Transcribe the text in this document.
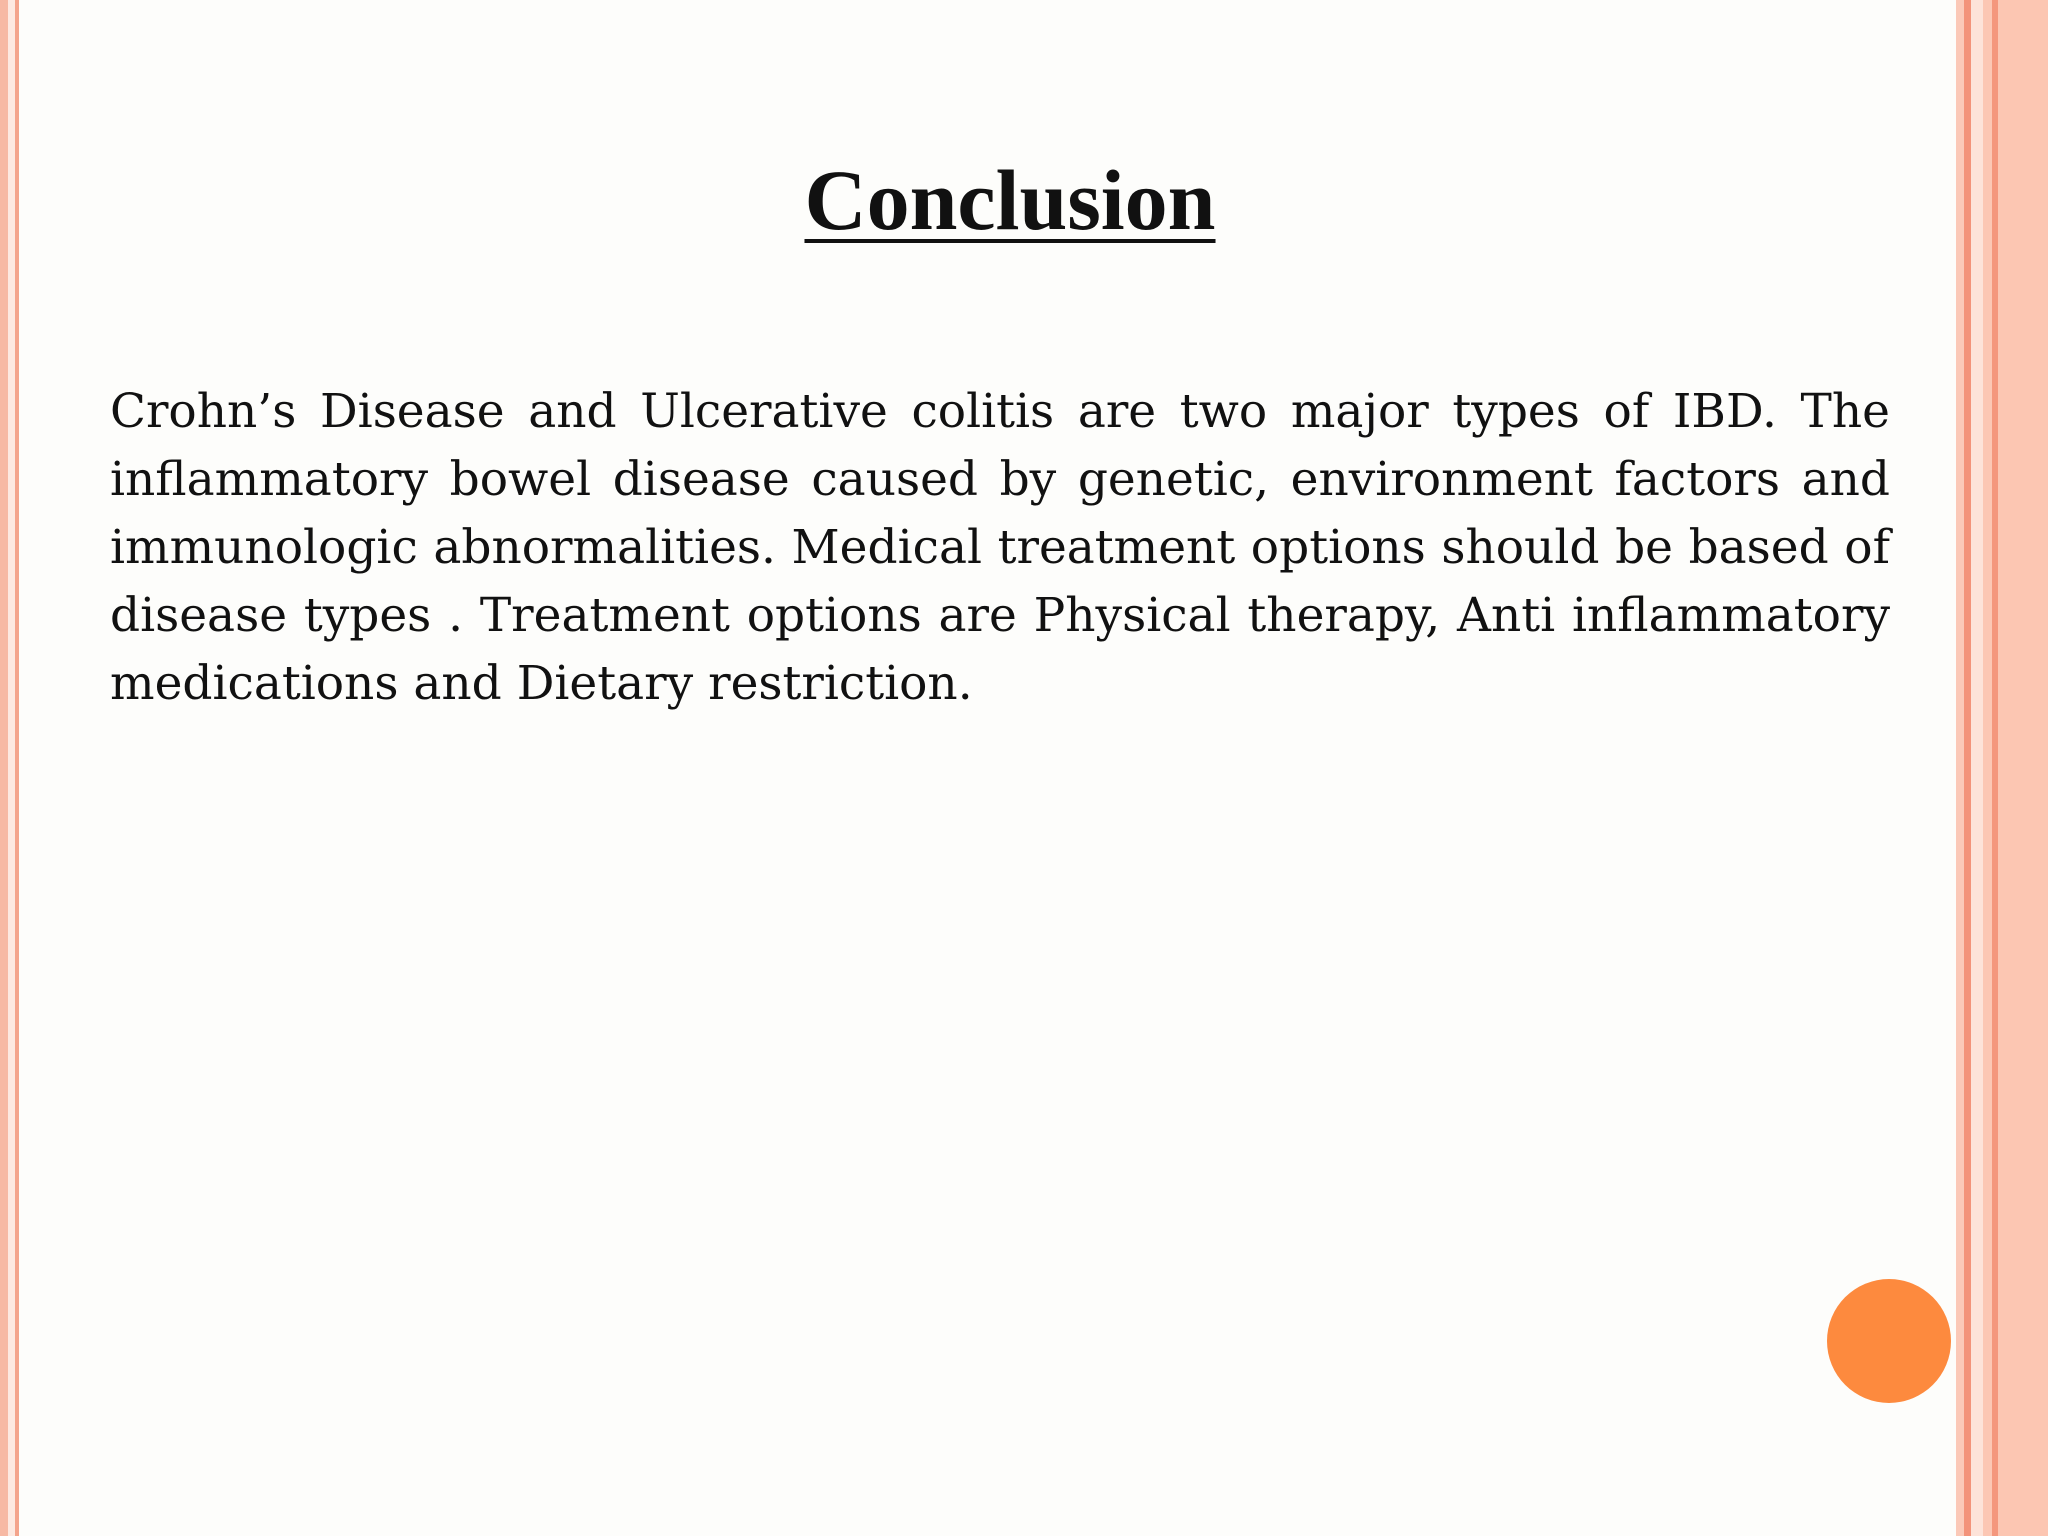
Conclusion

Crohn’s Disease and Ulcerative colitis are two major types of IBD. The inflammatory bowel disease caused by genetic, environment factors and immunologic abnormalities. Medical treatment options should be based of disease types . Treatment options are Physical therapy, Anti inflammatory medications and Dietary restriction.
